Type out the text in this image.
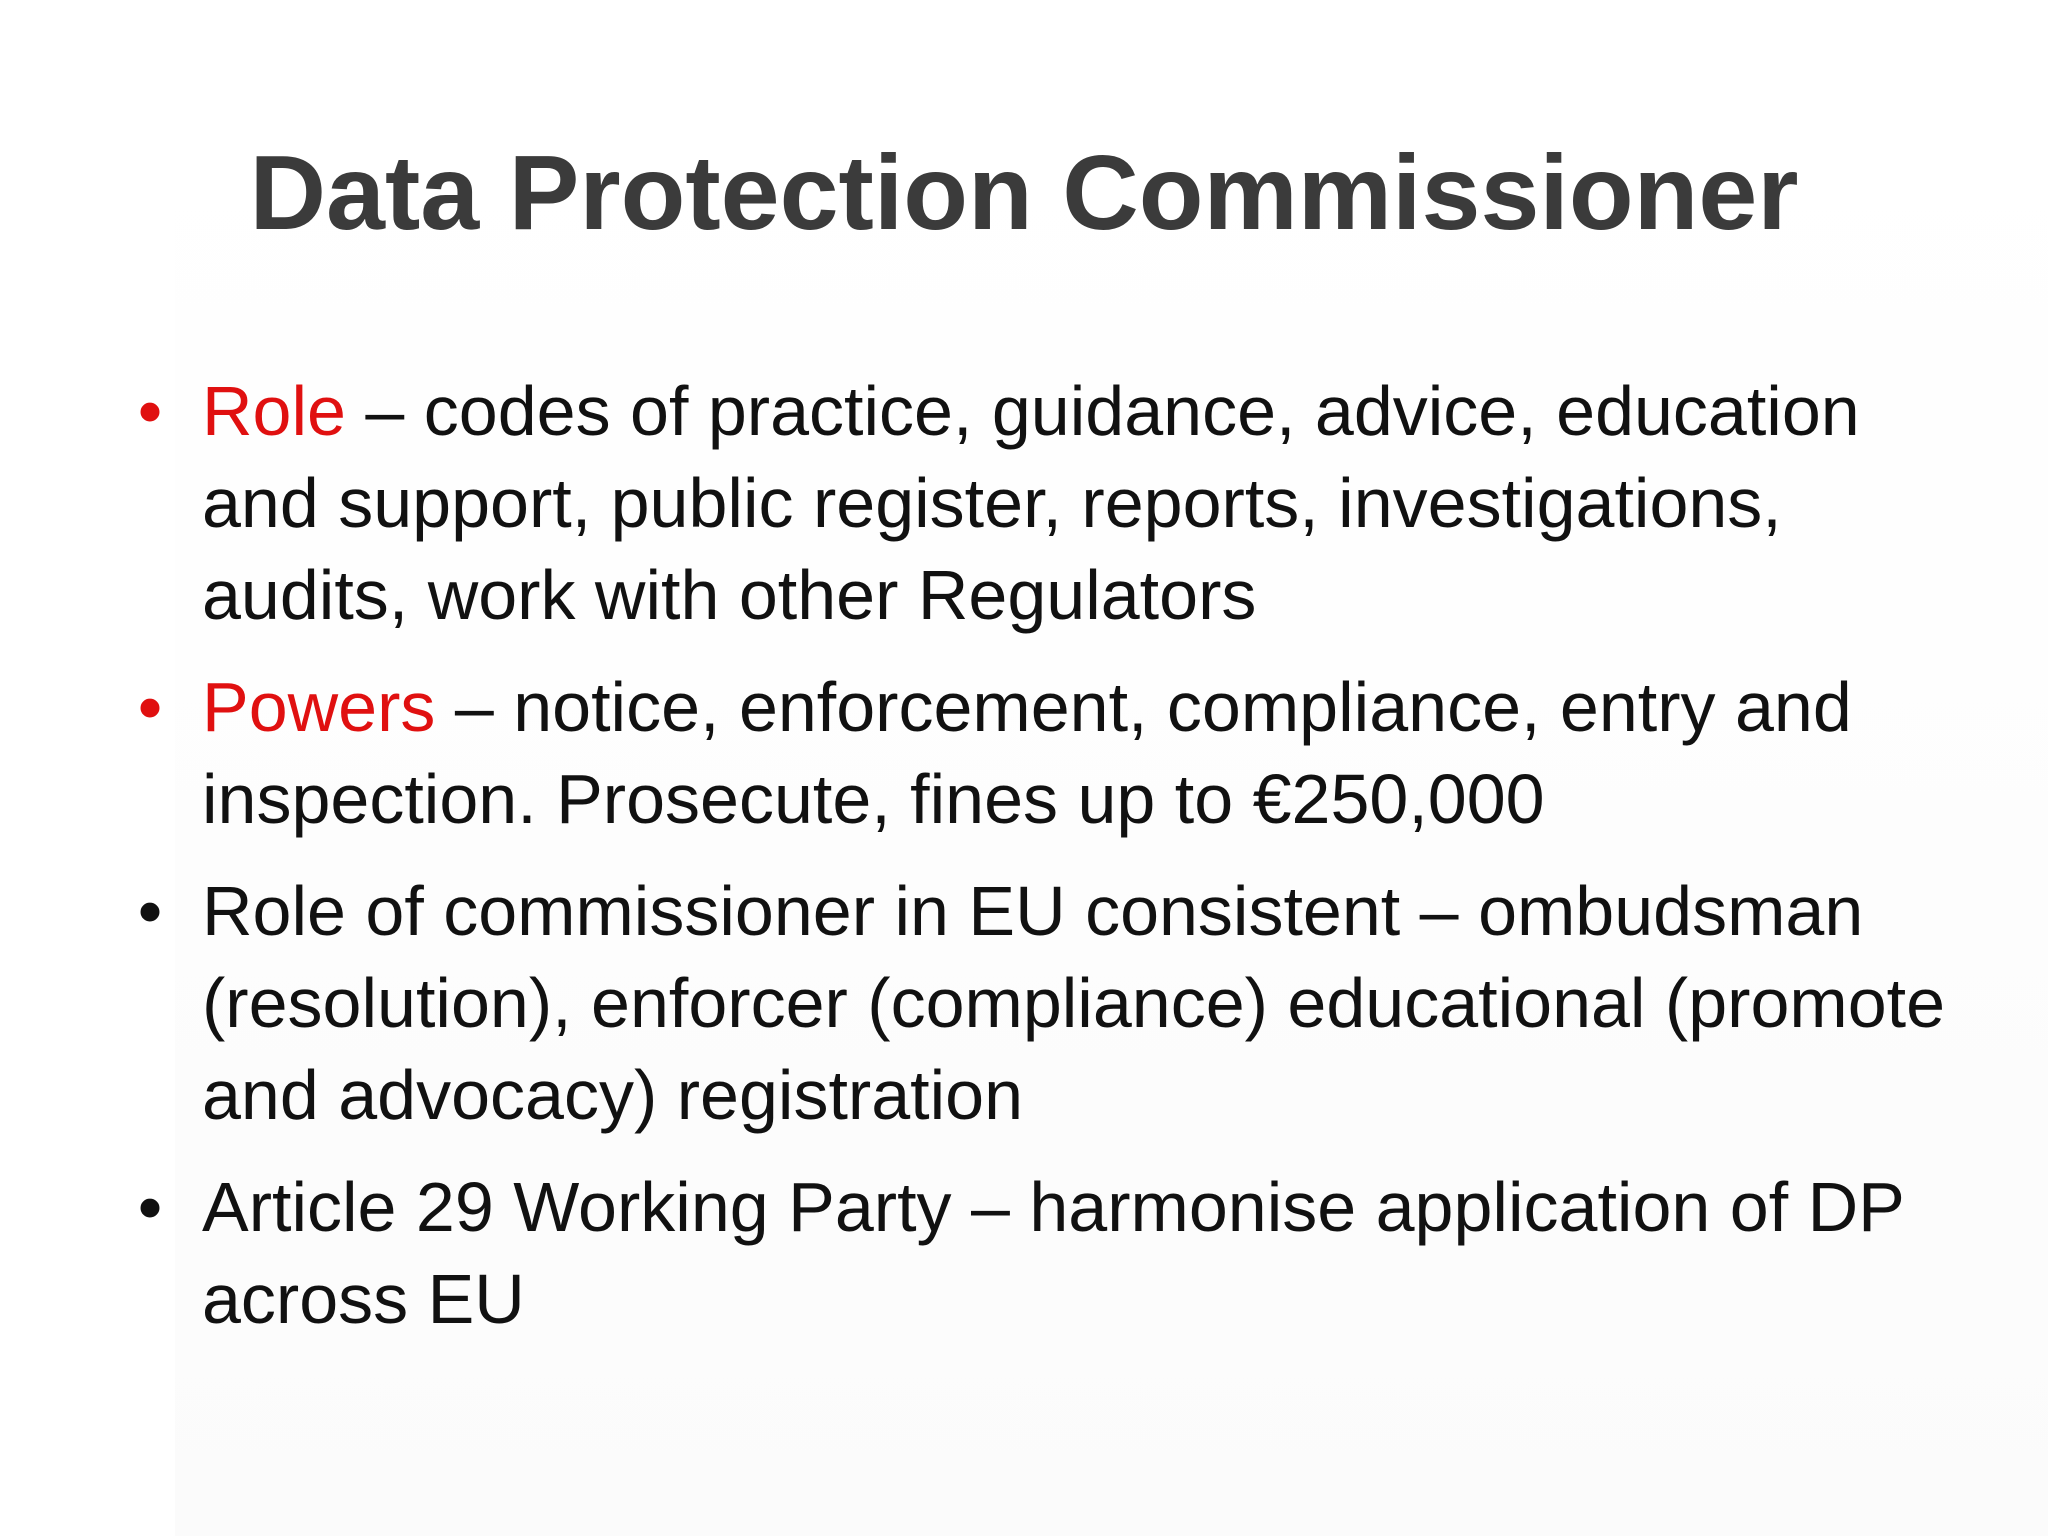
Data Protection Commissioner
• Role – codes of practice, guidance, advice, education and support, public register, reports, investigations, audits, work with other Regulators
• Powers – notice, enforcement, compliance, entry and inspection. Prosecute, fines up to €250,000
• Role of commissioner in EU consistent – ombudsman (resolution), enforcer (compliance) educational (promote and advocacy) registration
• Article 29 Working Party – harmonise application of DP across EU
